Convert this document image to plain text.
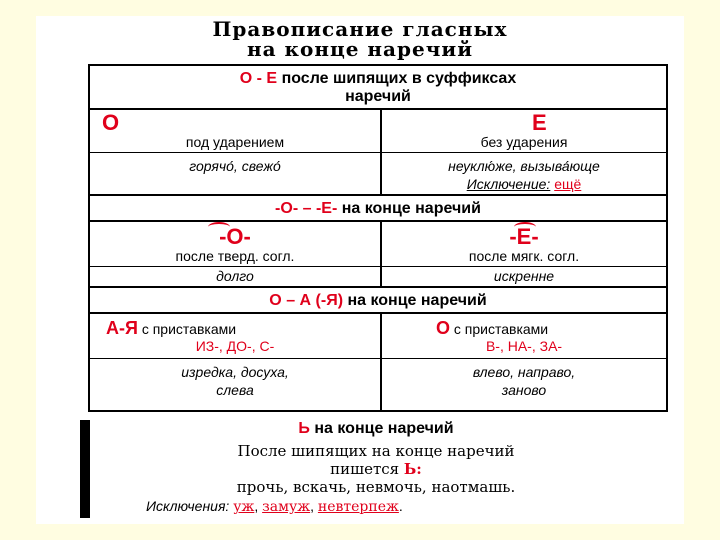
Правописание гласных
на конце наречий
О - Е после шипящих в суффиксах
наречий
О
под ударением
Е
без ударения
горячо́, свежо́	неуклю́же, вызыва́юще
Исключение: ещё
-О- – -Е- на конце наречий
-О-
после тверд. согл.
-Е-
после мягк. согл.
долго	искренне
О – А (-Я) на конце наречий
А-Я с приставками
ИЗ-, ДО-, С-
О с приставками
В-, НА-, ЗА-
изредка, досуха,
слева
влево, направо,
заново
Ь на конце наречий
После шипящих на конце наречий
пишется Ь:
прочь, вскачь, невмочь, наотмашь.
Исключения: уж, замуж, невтерпеж.
